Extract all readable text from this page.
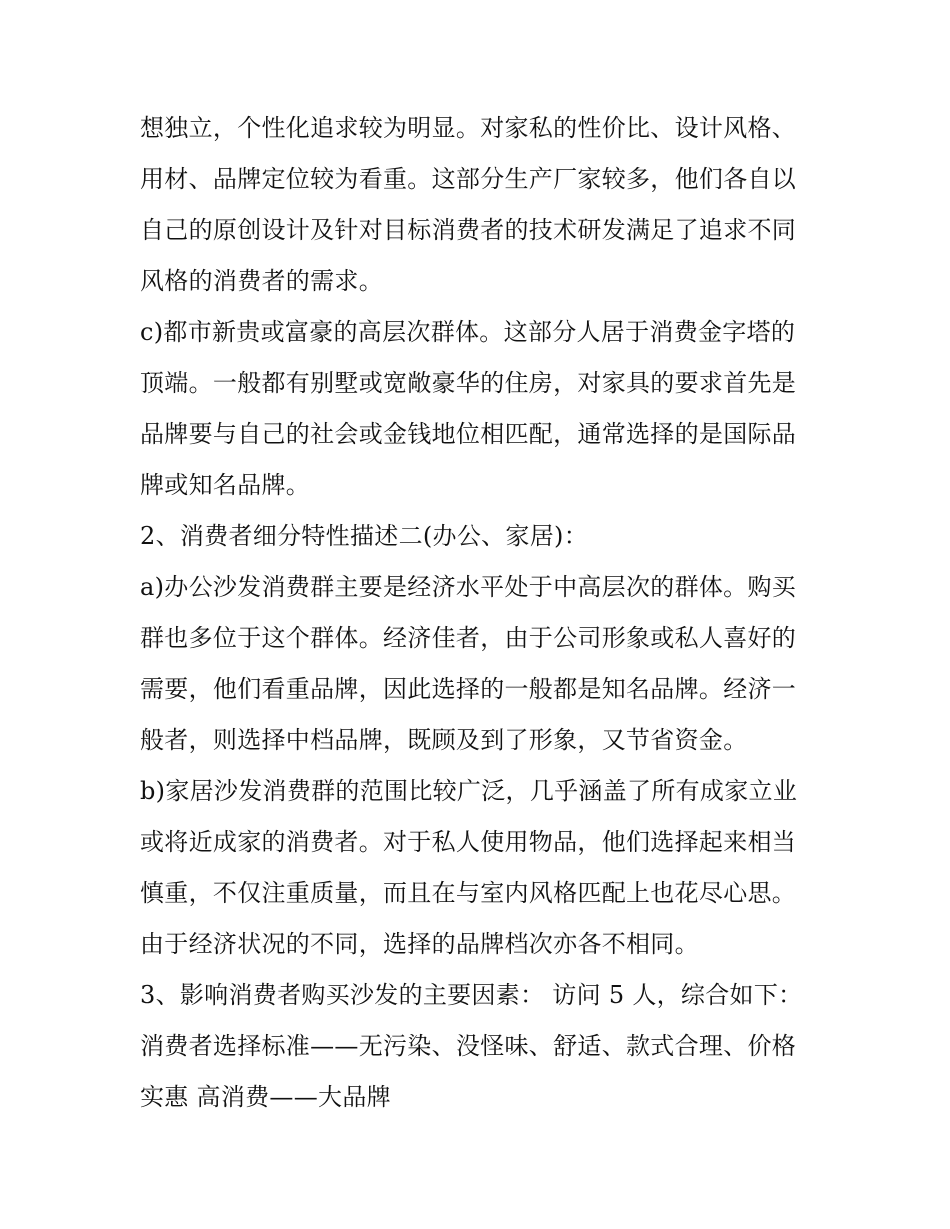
想独立，个性化追求较为明显。对家私的性价比、设计风格、
用材、品牌定位较为看重。这部分生产厂家较多，他们各自以
自己的原创设计及针对目标消费者的技术研发满足了追求不同
风格的消费者的需求。
c)都市新贵或富豪的高层次群体。这部分人居于消费金字塔的
顶端。一般都有别墅或宽敞豪华的住房，对家具的要求首先是
品牌要与自己的社会或金钱地位相匹配，通常选择的是国际品
牌或知名品牌。
2、消费者细分特性描述二(办公、家居)：
a)办公沙发消费群主要是经济水平处于中高层次的群体。购买
群也多位于这个群体。经济佳者，由于公司形象或私人喜好的
需要，他们看重品牌，因此选择的一般都是知名品牌。经济一
般者，则选择中档品牌，既顾及到了形象，又节省资金。
b)家居沙发消费群的范围比较广泛，几乎涵盖了所有成家立业
或将近成家的消费者。对于私人使用物品，他们选择起来相当
慎重，不仅注重质量，而且在与室内风格匹配上也花尽心思。
由于经济状况的不同，选择的品牌档次亦各不相同。
3、影响消费者购买沙发的主要因素： 访问 5 人，综合如下：
消费者选择标准——无污染、没怪味、舒适、款式合理、价格
实惠 高消费——大品牌
